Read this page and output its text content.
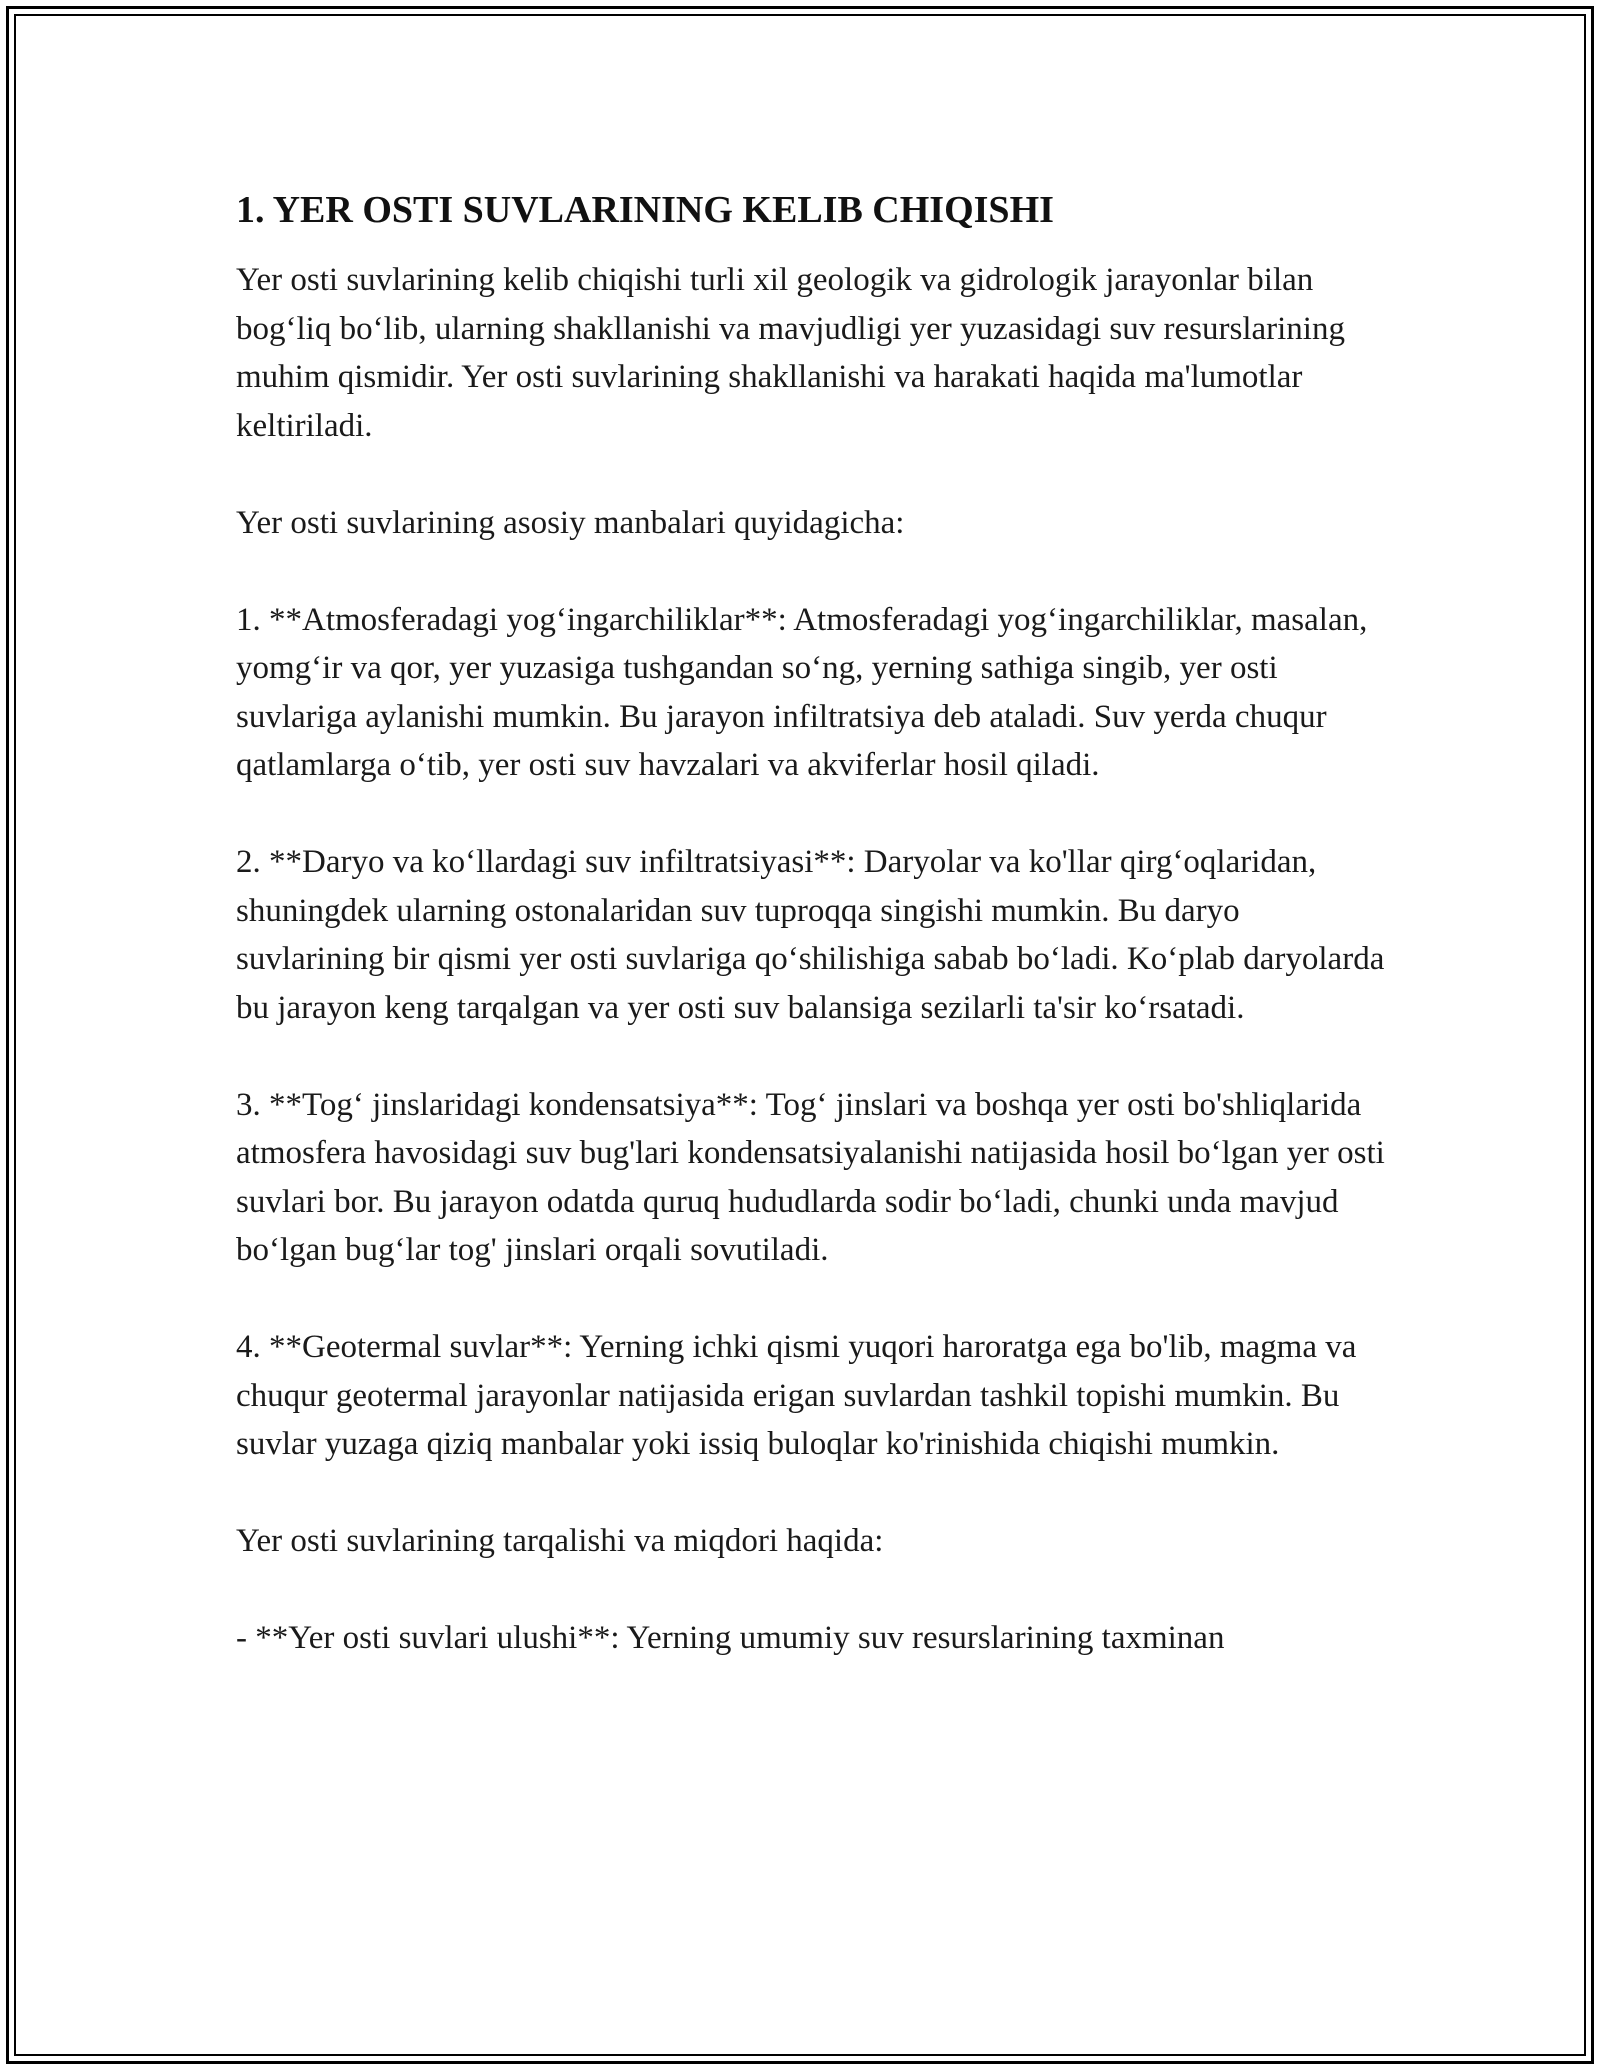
1. YER OSTI SUVLARINING KELIB CHIQISHI

Yer osti suvlarining kelib chiqishi turli xil geologik va gidrologik jarayonlar bilan bog‘liq bo‘lib, ularning shakllanishi va mavjudligi yer yuzasidagi suv resurslarining muhim qismidir. Yer osti suvlarining shakllanishi va harakati haqida ma'lumotlar keltiriladi.

Yer osti suvlarining asosiy manbalari quyidagicha:

1. **Atmosferadagi yog‘ingarchiliklar**: Atmosferadagi yog‘ingarchiliklar, masalan, yomg‘ir va qor, yer yuzasiga tushgandan so‘ng, yerning sathiga singib, yer osti suvlariga aylanishi mumkin. Bu jarayon infiltratsiya deb ataladi. Suv yerda chuqur qatlamlarga o‘tib, yer osti suv havzalari va akviferlar hosil qiladi.

2. **Daryo va ko‘llardagi suv infiltratsiyasi**: Daryolar va ko'llar qirg‘oqlaridan, shuningdek ularning ostonalaridan suv tuproqqa singishi mumkin. Bu daryo suvlarining bir qismi yer osti suvlariga qo‘shilishiga sabab bo‘ladi. Ko‘plab daryolarda bu jarayon keng tarqalgan va yer osti suv balansiga sezilarli ta'sir ko‘rsatadi.

3. **Tog‘ jinslaridagi kondensatsiya**: Tog‘ jinslari va boshqa yer osti bo'shliqlarida atmosfera havosidagi suv bug'lari kondensatsiyalanishi natijasida hosil bo‘lgan yer osti suvlari bor. Bu jarayon odatda quruq hududlarda sodir bo‘ladi, chunki unda mavjud bo‘lgan bug‘lar tog' jinslari orqali sovutiladi.

4. **Geotermal suvlar**: Yerning ichki qismi yuqori haroratga ega bo'lib, magma va chuqur geotermal jarayonlar natijasida erigan suvlardan tashkil topishi mumkin. Bu suvlar yuzaga qiziq manbalar yoki issiq buloqlar ko'rinishida chiqishi mumkin.

Yer osti suvlarining tarqalishi va miqdori haqida:

- **Yer osti suvlari ulushi**: Yerning umumiy suv resurslarining taxminan
